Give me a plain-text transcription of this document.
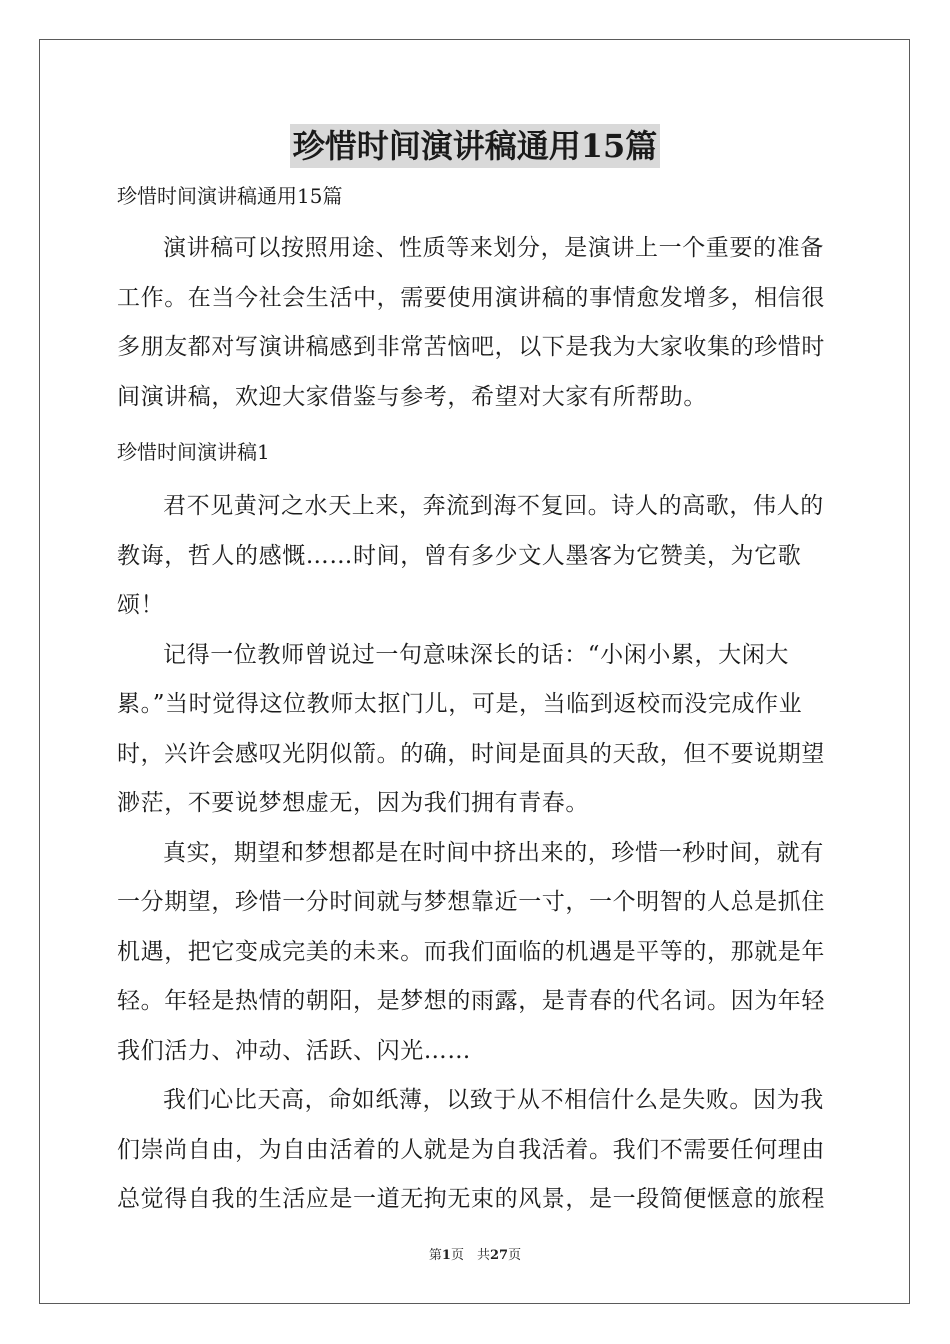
珍惜时间演讲稿通用15篇

珍惜时间演讲稿通用15篇

演讲稿可以按照用途、性质等来划分，是演讲上一个重要的准备工作。在当今社会生活中，需要使用演讲稿的事情愈发增多，相信很多朋友都对写演讲稿感到非常苦恼吧，以下是我为大家收集的珍惜时间演讲稿，欢迎大家借鉴与参考，希望对大家有所帮助。

珍惜时间演讲稿1

君不见黄河之水天上来，奔流到海不复回。诗人的高歌，伟人的教诲，哲人的感慨……时间，曾有多少文人墨客为它赞美，为它歌颂！

记得一位教师曾说过一句意味深长的话：“小闲小累，大闲大累。”当时觉得这位教师太抠门儿，可是，当临到返校而没完成作业时，兴许会感叹光阴似箭。的确，时间是面具的天敌，但不要说期望渺茫，不要说梦想虚无，因为我们拥有青春。

真实，期望和梦想都是在时间中挤出来的，珍惜一秒时间，就有一分期望，珍惜一分时间就与梦想靠近一寸，一个明智的人总是抓住机遇，把它变成完美的未来。而我们面临的机遇是平等的，那就是年轻。年轻是热情的朝阳，是梦想的雨露，是青春的代名词。因为年轻我们活力、冲动、活跃、闪光……

我们心比天高，命如纸薄，以致于从不相信什么是失败。因为我们崇尚自由，为自由活着的人就是为自我活着。我们不需要任何理由总觉得自我的生活应是一道无拘无束的风景，是一段简便惬意的旅程

第1页　共27页
